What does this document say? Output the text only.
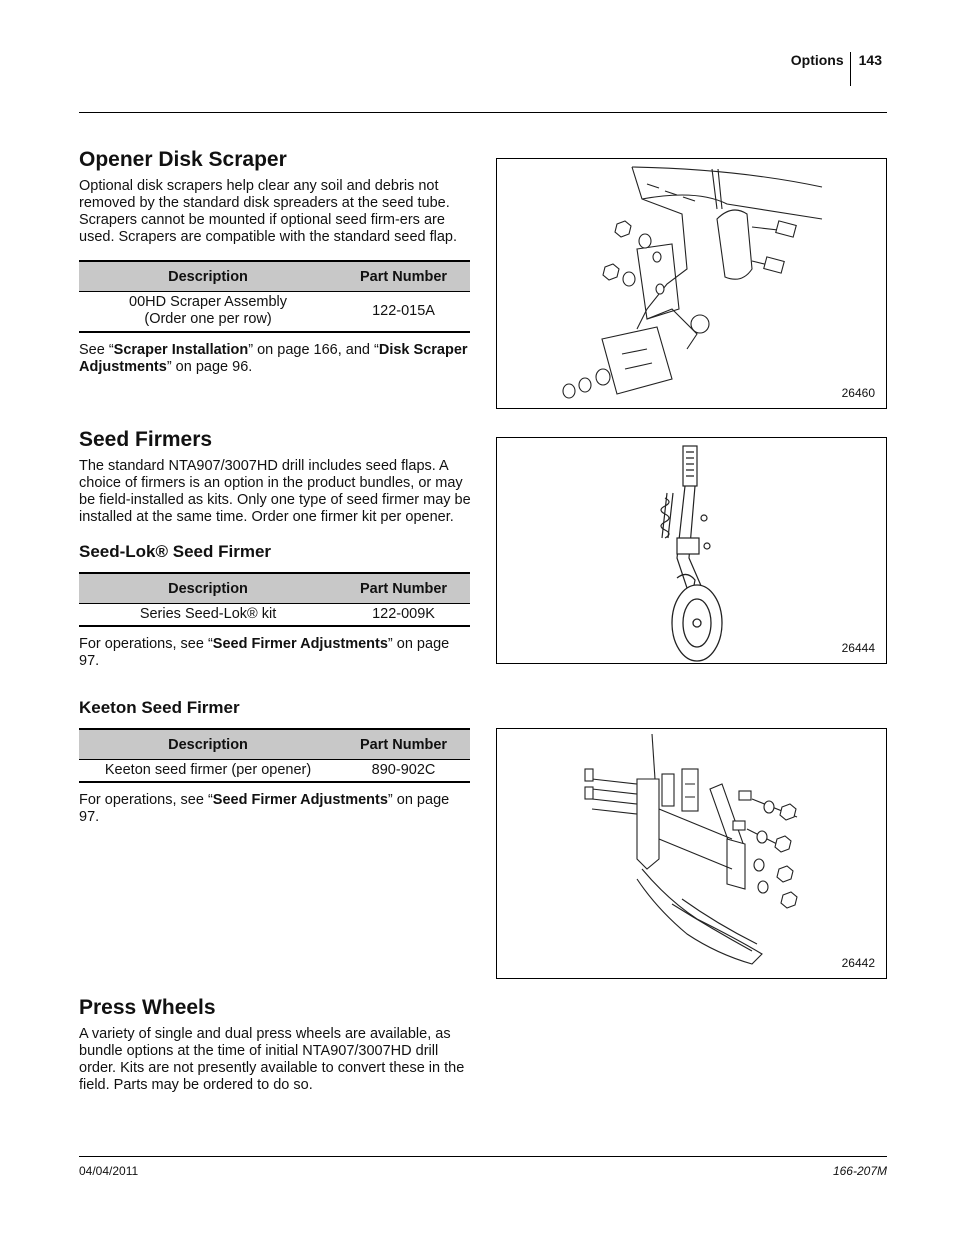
Options	143
Opener Disk Scraper

Optional disk scrapers help clear any soil and debris not removed by the standard disk spreaders at the seed tube. Scrapers cannot be mounted if optional seed firm-ers are used. Scrapers are compatible with the standard seed flap.

Description	Part Number

00HD Scraper Assembly
(Order one per row)	122-015A

See “Scraper Installation” on page 166, and “Disk Scraper Adjustments” on page 96.

26460
Seed Firmers

The standard NTA907/3007HD drill includes seed flaps. A choice of firmers is an option in the product bundles, or may be field-installed as kits. Only one type of seed firmer may be installed at the same time. Order one firmer kit per opener.

Seed-Lok® Seed Firmer
Description	Part Number
Series Seed-Lok® kit	122-009K

For operations, see “Seed Firmer Adjustments” on page 97.

Keeton Seed Firmer
Description	Part Number
Keeton seed firmer (per opener)	890-902C

For operations, see “Seed Firmer Adjustments” on page 97.

26444
26442
Press Wheels

A variety of single and dual press wheels are available, as bundle options at the time of initial NTA907/3007HD drill order. Kits are not presently available to convert these in the field. Parts may be ordered to do so.

04/04/2011	166-207M
